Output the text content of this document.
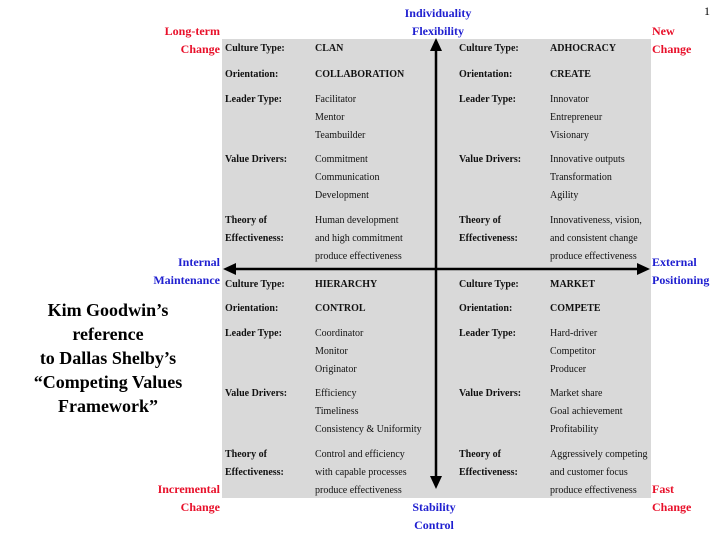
1
Individuality
Flexibility
Stability
Control
Internal
Maintenance
External
Positioning
Long-term
Change
New
Change
Incremental
Change
Fast
Change
Kim Goodwin’s
reference
to Dallas Shelby’s
“Competing Values
Framework”
Culture Type:	CLAN
Orientation:	COLLABORATION
Leader Type:	Facilitator
Mentor
Teambuilder
Value Drivers:	Commitment
Communication
Development
Theory of
Effectiveness:
Human development
and high commitment
produce effectiveness
Culture Type:	ADHOCRACY
Orientation:	CREATE
Leader Type:	Innovator
Entrepreneur
Visionary
Value Drivers:	Innovative outputs
Transformation
Agility
Theory of
Effectiveness:
Innovativeness, vision,
and consistent change
produce effectiveness
Culture Type:	HIERARCHY
Orientation:	CONTROL
Leader Type:	Coordinator
Monitor
Originator
Value Drivers:	Efficiency
Timeliness
Consistency & Uniformity
Theory of
Effectiveness:
Control and efficiency
with capable processes
produce effectiveness
Culture Type:	MARKET
Orientation:	COMPETE
Leader Type:	Hard-driver
Competitor
Producer
Value Drivers:	Market share
Goal achievement
Profitability
Theory of
Effectiveness:
Aggressively competing
and customer focus
produce effectiveness
